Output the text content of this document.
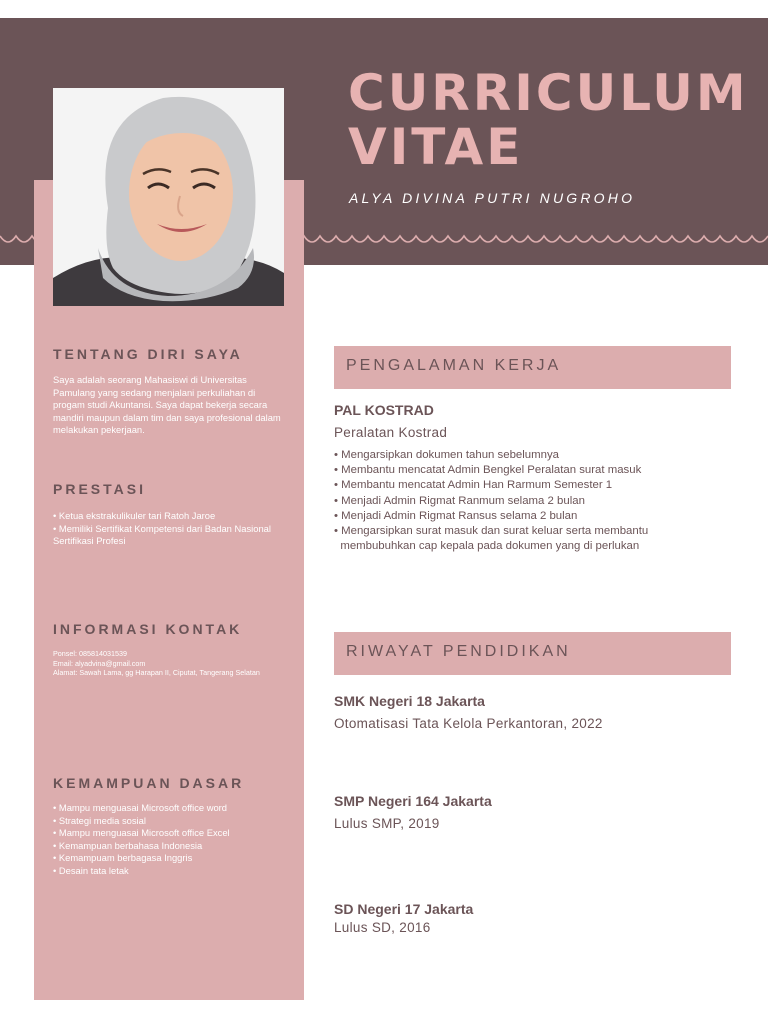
CURRICULUM
VITAE
ALYA DIVINA PUTRI NUGROHO
TENTANG DIRI SAYA
Saya adalah seorang Mahasiswi di Universitas Pamulang yang sedang menjalani perkuliahan di progam studi Akuntansi. Saya dapat bekerja secara mandiri maupun dalam tim dan saya profesional dalam melakukan pekerjaan.
PRESTASI
• Ketua ekstrakulikuler tari Ratoh Jaroe
• Memiliki Sertifikat Kompetensi dari Badan Nasional Sertifikasi Profesi
INFORMASI KONTAK
Ponsel: 085814031539
Email: alyadvina@gmail.com
Alamat: Sawah Lama, gg Harapan II, Ciputat, Tangerang Selatan
KEMAMPUAN DASAR
• Mampu menguasai Microsoft office word
• Strategi media sosial
• Mampu menguasai Microsoft office Excel
• Kemampuan berbahasa Indonesia
• Kemampuam berbagasa Inggris
• Desain tata letak
PENGALAMAN KERJA
PAL KOSTRAD
Peralatan Kostrad
• Mengarsipkan dokumen tahun sebelumnya
• Membantu mencatat Admin Bengkel Peralatan surat masuk
• Membantu mencatat Admin Han Rarmum Semester 1
• Menjadi Admin Rigmat Ranmum selama 2 bulan
• Menjadi Admin Rigmat Ransus selama 2 bulan
• Mengarsipkan surat masuk dan surat keluar serta membantu
membubuhkan cap kepala pada dokumen yang di perlukan
RIWAYAT PENDIDIKAN
SMK Negeri 18 Jakarta
Otomatisasi Tata Kelola Perkantoran, 2022
SMP Negeri 164 Jakarta
Lulus SMP, 2019
SD Negeri 17 Jakarta
Lulus SD, 2016
